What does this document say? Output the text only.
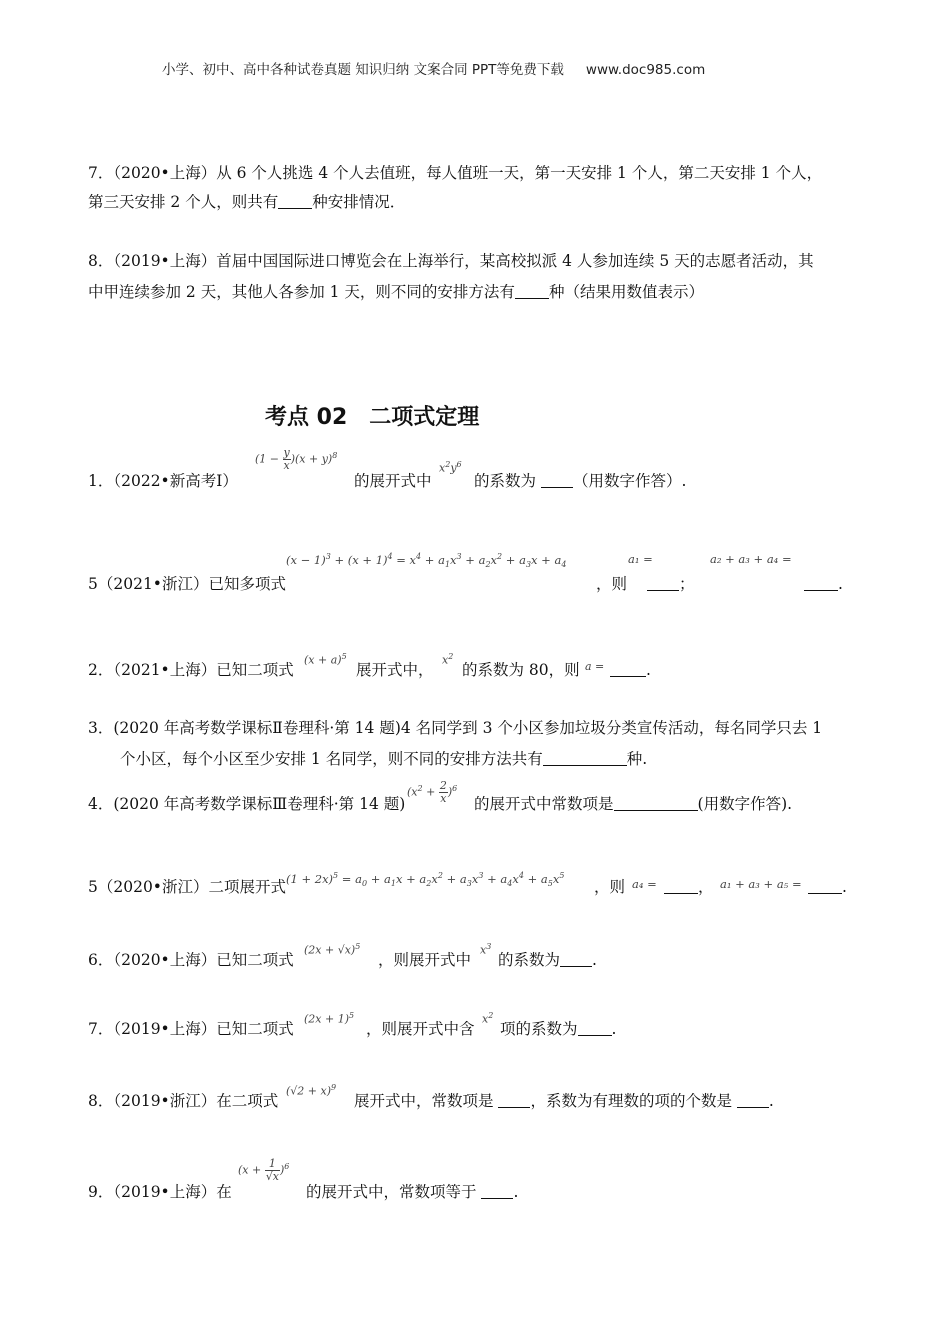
小学、初中、高中各种试卷真题 知识归纳 文案合同 PPT等免费下载 www.doc985.com
7．（2020•上海）从 6 个人挑选 4 个人去值班，每人值班一天，第一天安排 1 个人，第二天安排 1 个人，
第三天安排 2 个人，则共有 种安排情况．
8．（2019•上海）首届中国国际进口博览会在上海举行，某高校拟派 4 人参加连续 5 天的志愿者活动，其
中甲连续参加 2 天，其他人各参加 1 天，则不同的安排方法有 种（结果用数值表示）
考点 02　二项式定理
1．（2022•新高考Ⅰ）
$(1 - \frac{y}{x} )(x + y)^8$
的展开式中
$x^2y^6$
的系数为 （用数字作答）.
$(x - 1)^3 + (x + 1)^4 = x^4 + a_1x^3 + a_2x^2 + a_3x + a_4$	a₁ =	a₂ + a₃ + a₄ =
5（2021•浙江）已知多项式	，则	；	.
2．（2021•上海）已知二项式
$(x + a)^5$
展开式中，
$x^2$
的系数为 80，则 a =	.
3．(2020 年高考数学课标Ⅱ卷理科·第 14 题)4 名同学到 3 个小区参加垃圾分类宣传活动，每名同学只去 1
个小区，每个小区至少安排 1 名同学，则不同的安排方法共有	种.
4．(2020 年高考数学课标Ⅲ卷理科·第 14 题)
$(x^2 + \frac{2}{x} )^6$
的展开式中常数项是	(用数字作答).
5（2020•浙江）二项展开式 $(1 + 2x)^5 = a_0 + a_1x + a_2x^2 + a_3x^3 + a_4x^4 + a_5x^5$
，则 a₄ =	， a₁ + a₃ + a₅ =	.
6．（2020•上海）已知二项式
$(2x + √x)^5$
，则展开式中
$x^3$
的系数为 .
7．（2019•上海）已知二项式
$(2x + 1)^5$
，则展开式中含
$x^2$
项的系数为 .
8．（2019•浙江）在二项式
$(√2 + x)^9$
展开式中，常数项是 ，系数为有理数的项的个数是 .
9．（2019•上海）在
$(x + \frac{1}{√x} )^6$
的展开式中，常数项等于 .
